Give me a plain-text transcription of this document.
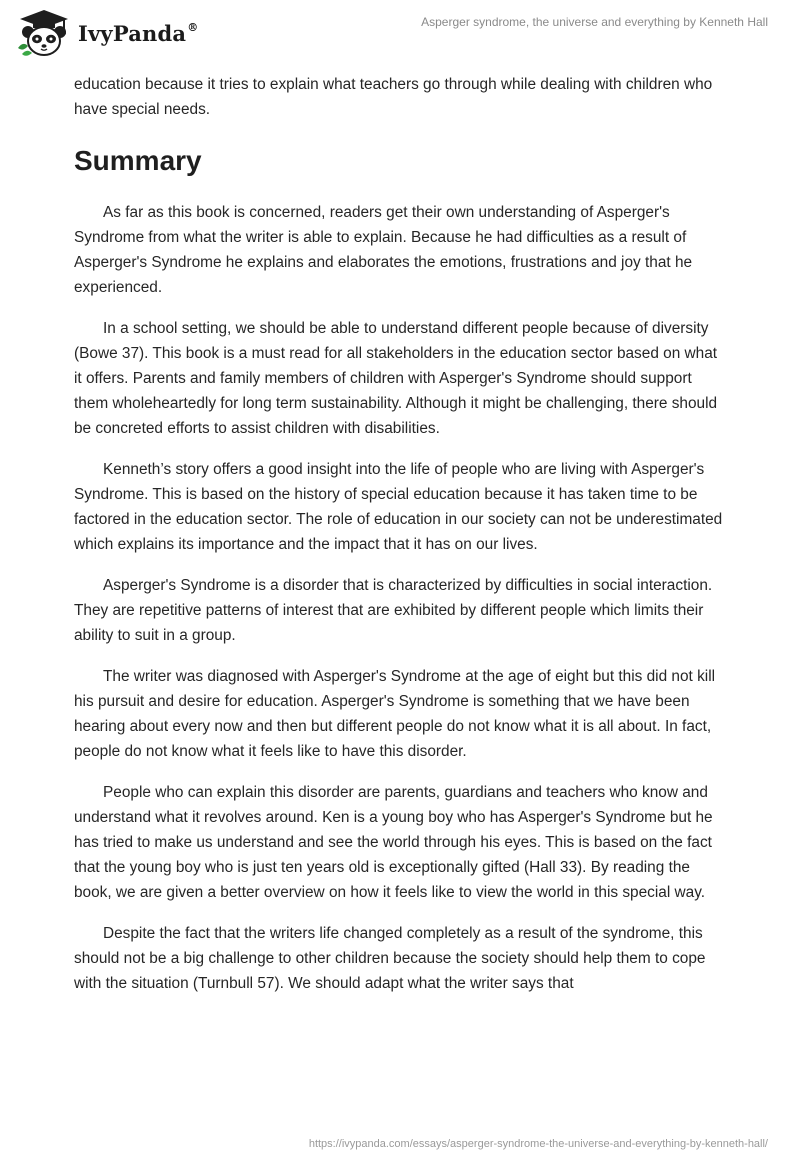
IvyPanda®	Asperger syndrome, the universe and everything by Kenneth Hall

education because it tries to explain what teachers go through while dealing with children who have special needs.

Summary

As far as this book is concerned, readers get their own understanding of Asperger's Syndrome from what the writer is able to explain. Because he had difficulties as a result of Asperger's Syndrome he explains and elaborates the emotions, frustrations and joy that he experienced.

In a school setting, we should be able to understand different people because of diversity (Bowe 37). This book is a must read for all stakeholders in the education sector based on what it offers. Parents and family members of children with Asperger's Syndrome should support them wholeheartedly for long term sustainability. Although it might be challenging, there should be concreted efforts to assist children with disabilities.

Kenneth’s story offers a good insight into the life of people who are living with Asperger's Syndrome. This is based on the history of special education because it has taken time to be factored in the education sector. The role of education in our society can not be underestimated which explains its importance and the impact that it has on our lives.

Asperger's Syndrome is a disorder that is characterized by difficulties in social interaction. They are repetitive patterns of interest that are exhibited by different people which limits their ability to suit in a group.

The writer was diagnosed with Asperger's Syndrome at the age of eight but this did not kill his pursuit and desire for education. Asperger's Syndrome is something that we have been hearing about every now and then but different people do not know what it is all about. In fact, people do not know what it feels like to have this disorder.

People who can explain this disorder are parents, guardians and teachers who know and understand what it revolves around. Ken is a young boy who has Asperger's Syndrome but he has tried to make us understand and see the world through his eyes. This is based on the fact that the young boy who is just ten years old is exceptionally gifted (Hall 33). By reading the book, we are given a better overview on how it feels like to view the world in this special way.

Despite the fact that the writers life changed completely as a result of the syndrome, this should not be a big challenge to other children because the society should help them to cope with the situation (Turnbull 57). We should adapt what the writer says that

https://ivypanda.com/essays/asperger-syndrome-the-universe-and-everything-by-kenneth-hall/
